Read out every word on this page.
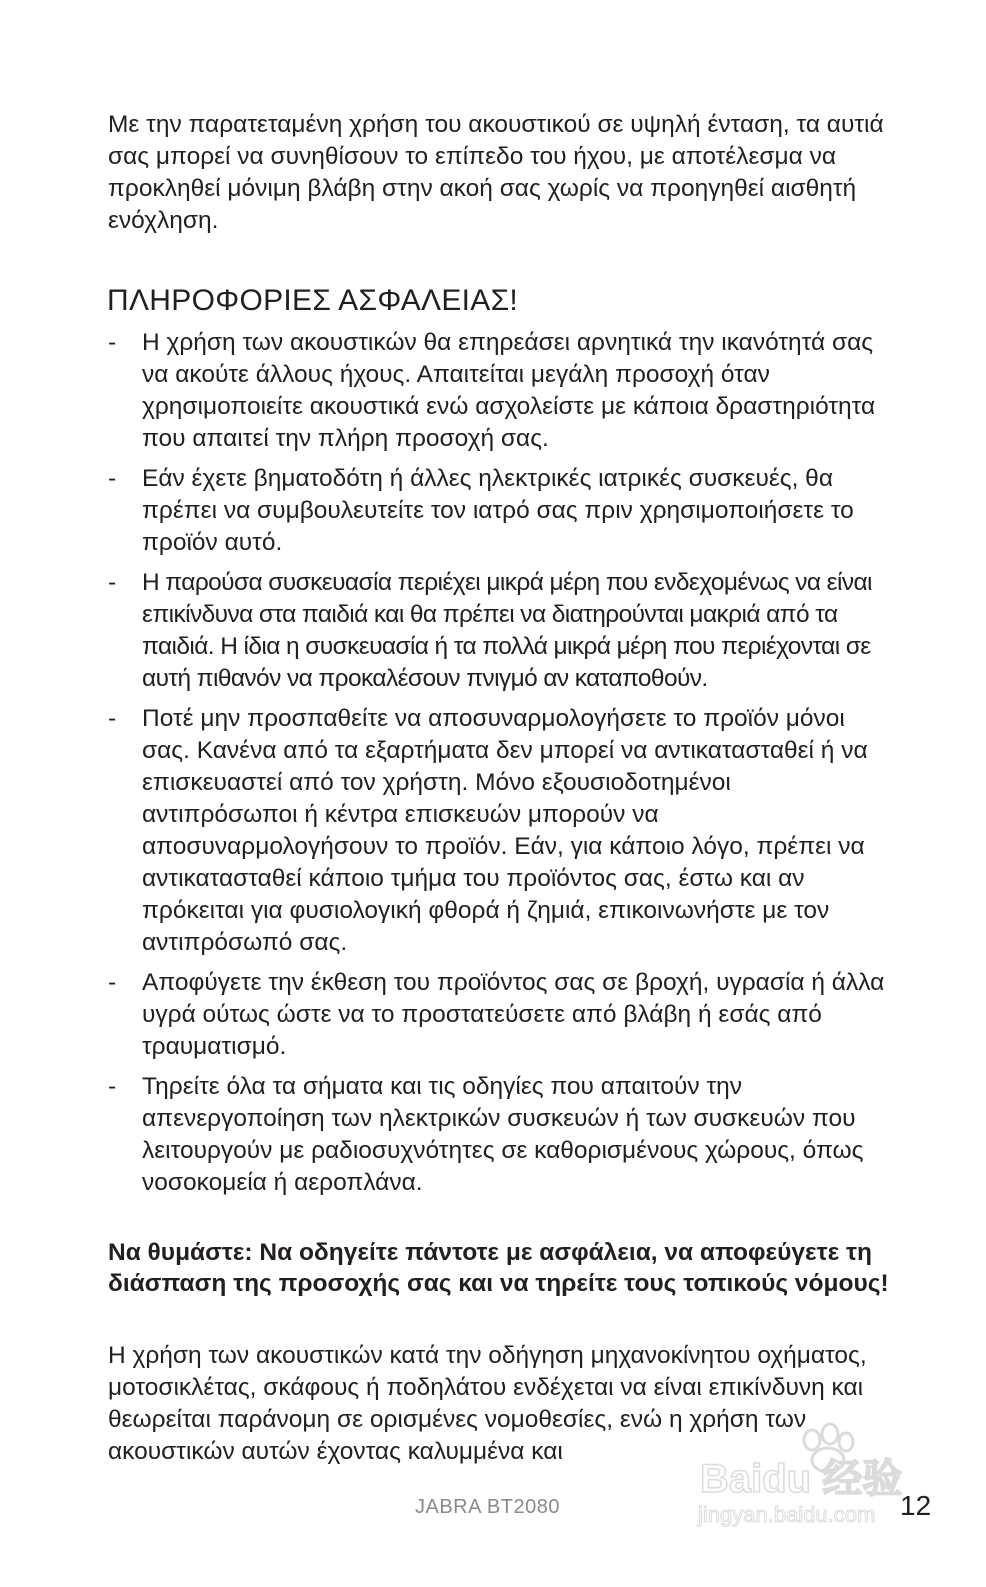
Με την παρατεταμένη χρήση του ακουστικού σε υψηλή ένταση, τα αυτιά σας μπορεί να συνηθίσουν το επίπεδο του ήχου, με αποτέλεσμα να προκληθεί μόνιμη βλάβη στην ακοή σας χωρίς να προηγηθεί αισθητή ενόχληση.

ΠΛΗΡΟΦΟΡΙΕΣ ΑΣΦΑΛΕΙΑΣ!
- Η χρήση των ακουστικών θα επηρεάσει αρνητικά την ικανότητά σας να ακούτε άλλους ήχους. Απαιτείται μεγάλη προσοχή όταν χρησιμοποιείτε ακουστικά ενώ ασχολείστε με κάποια δραστηριότητα που απαιτεί την πλήρη προσοχή σας.
- Εάν έχετε βηματοδότη ή άλλες ηλεκτρικές ιατρικές συσκευές, θα πρέπει να συμβουλευτείτε τον ιατρό σας πριν χρησιμοποιήσετε το προϊόν αυτό.
- Η παρούσα συσκευασία περιέχει μικρά μέρη που ενδεχομένως να είναι επικίνδυνα στα παιδιά και θα πρέπει να διατηρούνται μακριά από τα παιδιά. Η ίδια η συσκευασία ή τα πολλά μικρά μέρη που περιέχονται σε αυτή πιθανόν να προκαλέσουν πνιγμό αν καταποθούν.
- Ποτέ μην προσπαθείτε να αποσυναρμολογήσετε το προϊόν μόνοι σας. Κανένα από τα εξαρτήματα δεν μπορεί να αντικατασταθεί ή να επισκευαστεί από τον χρήστη. Μόνο εξουσιοδοτημένοι αντιπρόσωποι ή κέντρα επισκευών μπορούν να αποσυναρμολογήσουν το προϊόν. Εάν, για κάποιο λόγο, πρέπει να αντικατασταθεί κάποιο τμήμα του προϊόντος σας, έστω και αν πρόκειται για φυσιολογική φθορά ή ζημιά, επικοινωνήστε με τον αντιπρόσωπό σας.
- Αποφύγετε την έκθεση του προϊόντος σας σε βροχή, υγρασία ή άλλα υγρά ούτως ώστε να το προστατεύσετε από βλάβη ή εσάς από τραυματισμό.
- Τηρείτε όλα τα σήματα και τις οδηγίες που απαιτούν την απενεργοποίηση των ηλεκτρικών συσκευών ή των συσκευών που λειτουργούν με ραδιοσυχνότητες σε καθορισμένους χώρους, όπως νοσοκομεία ή αεροπλάνα.

Να θυμάστε: Να οδηγείτε πάντοτε με ασφάλεια, να αποφεύγετε τη διάσπαση της προσοχής σας και να τηρείτε τους τοπικούς νόμους!

Η χρήση των ακουστικών κατά την οδήγηση μηχανοκίνητου οχήματος, μοτοσικλέτας, σκάφους ή ποδηλάτου ενδέχεται να είναι επικίνδυνη και θεωρείται παράνομη σε ορισμένες νομοθεσίες, ενώ η χρήση των ακουστικών αυτών έχοντας καλυμμένα και

JABRA BT2080	12
Baidu 经验
jingyan.baidu.com
